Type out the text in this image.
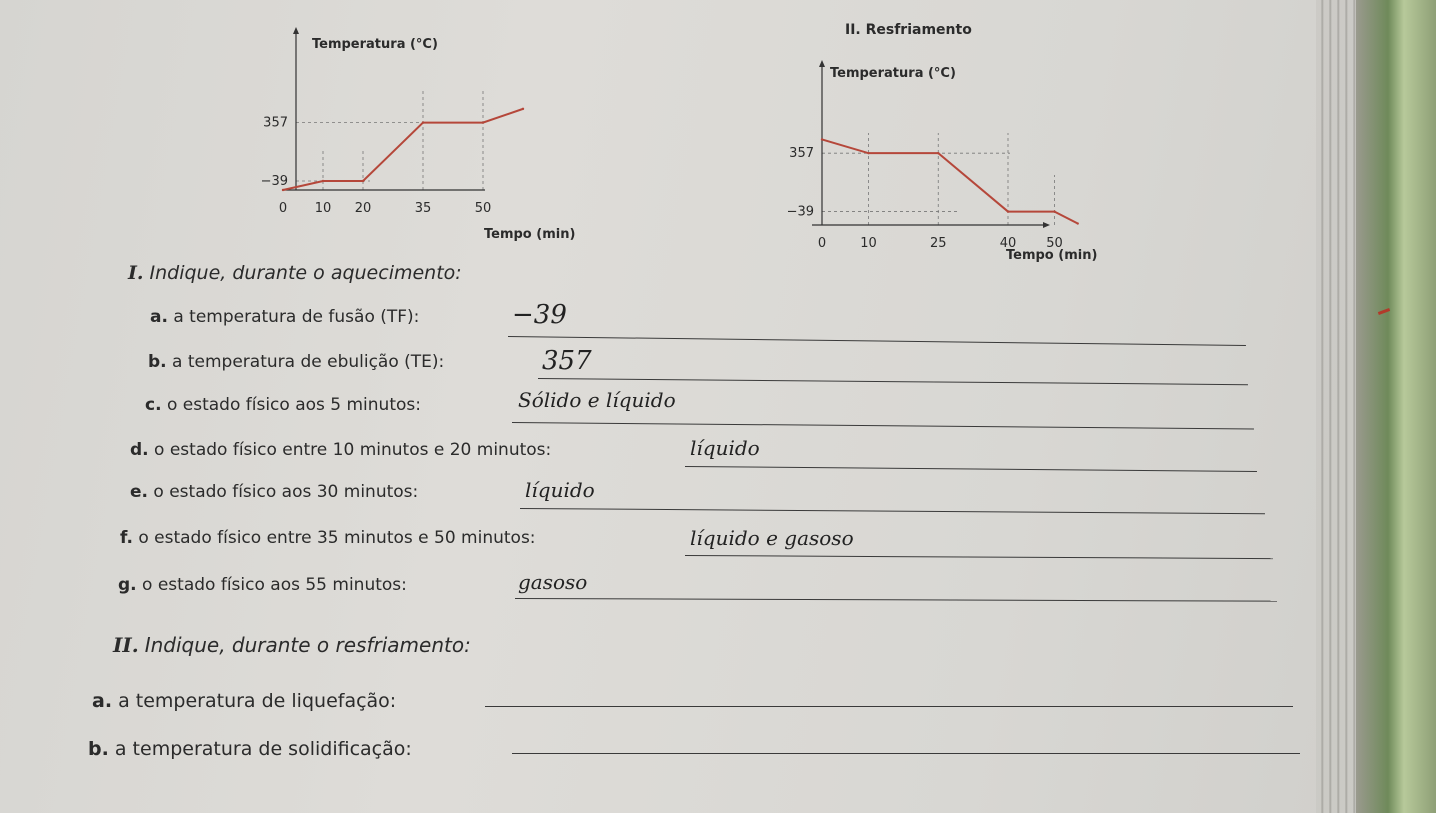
Temperatura (°C)
Tempo (min)
357
−39
0 10 20	35	50
II. Resfriamento
Temperatura (°C)
Tempo (min)
357
−39
0	10	25	40 50
I. Indique, durante o aquecimento:
a. a temperatura de fusão (TF):	−39
b. a temperatura de ebulição (TE):	357
c. o estado físico aos 5 minutos:	Sólido e líquido
d. o estado físico entre 10 minutos e 20 minutos:	líquido
e. o estado físico aos 30 minutos:	líquido
f. o estado físico entre 35 minutos e 50 minutos:	líquido e gasoso
g. o estado físico aos 55 minutos:	gasoso
II. Indique, durante o resfriamento:
a. a temperatura de liquefação:
b. a temperatura de solidificação:
